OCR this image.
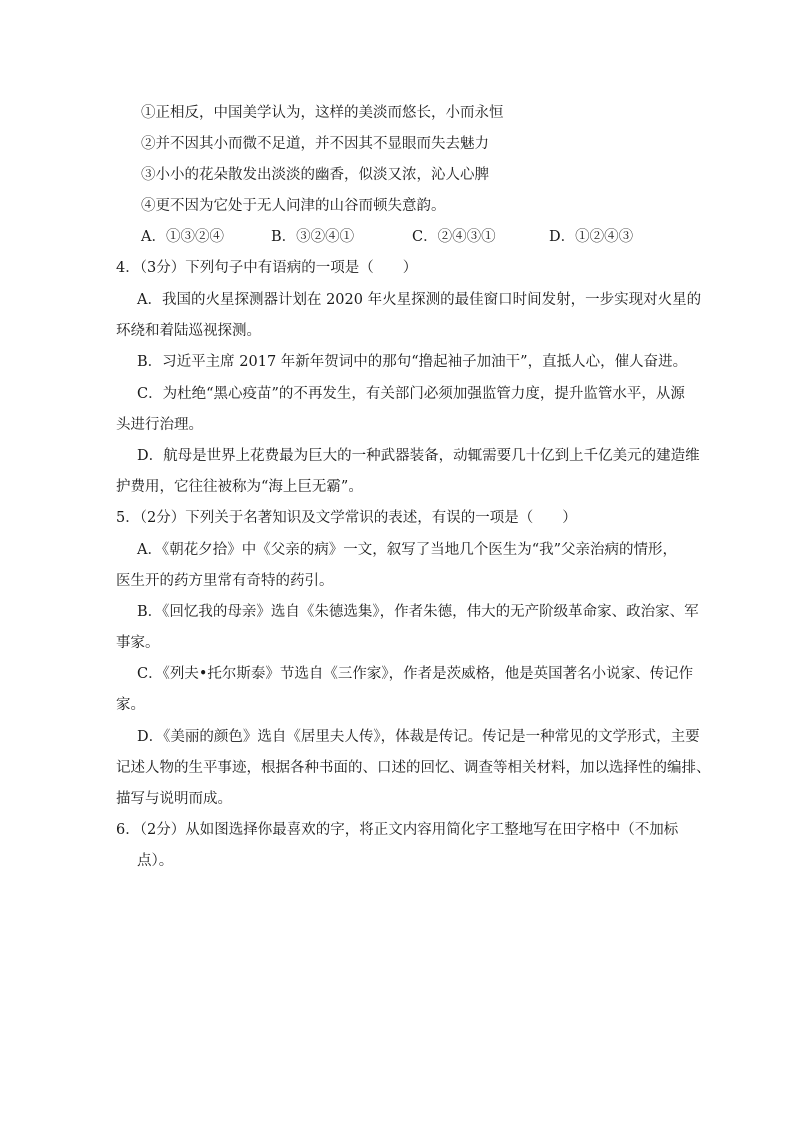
①正相反，中国美学认为，这样的美淡而悠长，小而永恒
②并不因其小而微不足道，并不因其不显眼而失去魅力
③小小的花朵散发出淡淡的幽香，似淡又浓，沁人心脾
④更不因为它处于无人问津的山谷而顿失意韵。
A．①③②④	B．③②④①	C．②④③①	D．①②④③
4．（3分）下列句子中有语病的一项是（　　）
A．我国的火星探测器计划在 2020 年火星探测的最佳窗口时间发射，一步实现对火星的
环绕和着陆巡视探测。
B．习近平主席 2017 年新年贺词中的那句“撸起袖子加油干”，直抵人心，催人奋进。
C．为杜绝“黑心疫苗”的不再发生，有关部门必须加强监管力度，提升监管水平，从源
头进行治理。
D．航母是世界上花费最为巨大的一种武器装备，动辄需要几十亿到上千亿美元的建造维
护费用，它往往被称为“海上巨无霸”。
5．（2分）下列关于名著知识及文学常识的表述，有误的一项是（　　）
A．《朝花夕拾》中《父亲的病》一文，叙写了当地几个医生为“我”父亲治病的情形，
医生开的药方里常有奇特的药引。
B．《回忆我的母亲》选自《朱德选集》，作者朱德，伟大的无产阶级革命家、政治家、军
事家。
C．《列夫•托尔斯泰》节选自《三作家》，作者是茨威格，他是英国著名小说家、传记作
家。
D．《美丽的颜色》选自《居里夫人传》，体裁是传记。传记是一种常见的文学形式，主要
记述人物的生平事迹，根据各种书面的、口述的回忆、调查等相关材料，加以选择性的编排、
描写与说明而成。
6．（2分）从如图选择你最喜欢的字，将正文内容用简化字工整地写在田字格中（不加标
点）。
